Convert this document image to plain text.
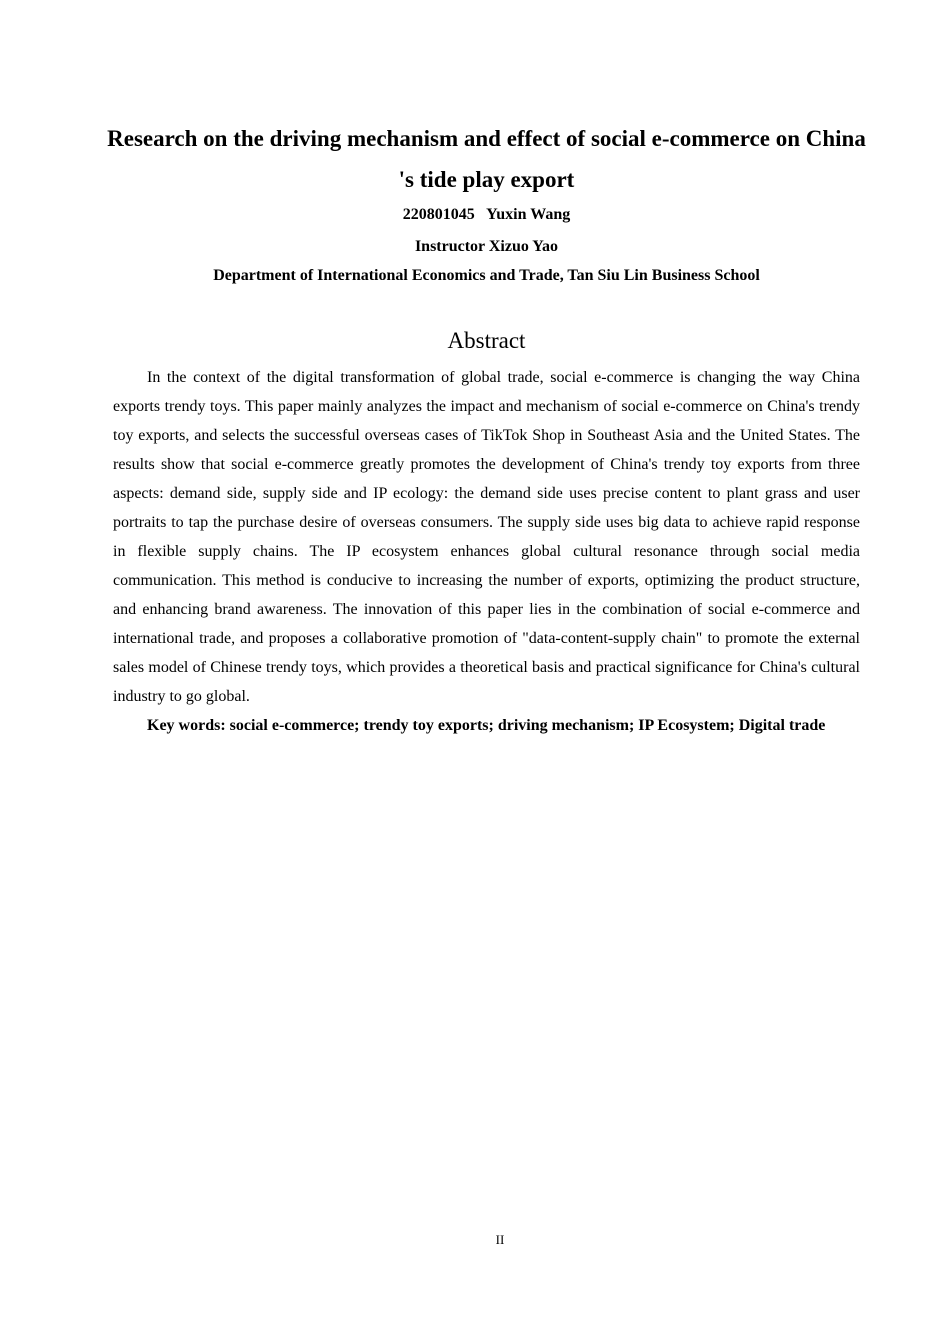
Research on the driving mechanism and effect of social e-commerce on China 's tide play export
220801045   Yuxin Wang
Instructor Xizuo Yao
Department of International Economics and Trade, Tan Siu Lin Business School
Abstract

In the context of the digital transformation of global trade, social e-commerce is changing the way China exports trendy toys. This paper mainly analyzes the impact and mechanism of social e-commerce on China's trendy toy exports, and selects the successful overseas cases of TikTok Shop in Southeast Asia and the United States. The results show that social e-commerce greatly promotes the development of China's trendy toy exports from three aspects: demand side, supply side and IP ecology: the demand side uses precise content to plant grass and user portraits to tap the purchase desire of overseas consumers. The supply side uses big data to achieve rapid response in flexible supply chains. The IP ecosystem enhances global cultural resonance through social media communication. This method is conducive to increasing the number of exports, optimizing the product structure, and enhancing brand awareness. The innovation of this paper lies in the combination of social e-commerce and international trade, and proposes a collaborative promotion of "data-content-supply chain" to promote the external sales model of Chinese trendy toys, which provides a theoretical basis and practical significance for China's cultural industry to go global.

Key words: social e-commerce; trendy toy exports; driving mechanism; IP Ecosystem; Digital trade

II
